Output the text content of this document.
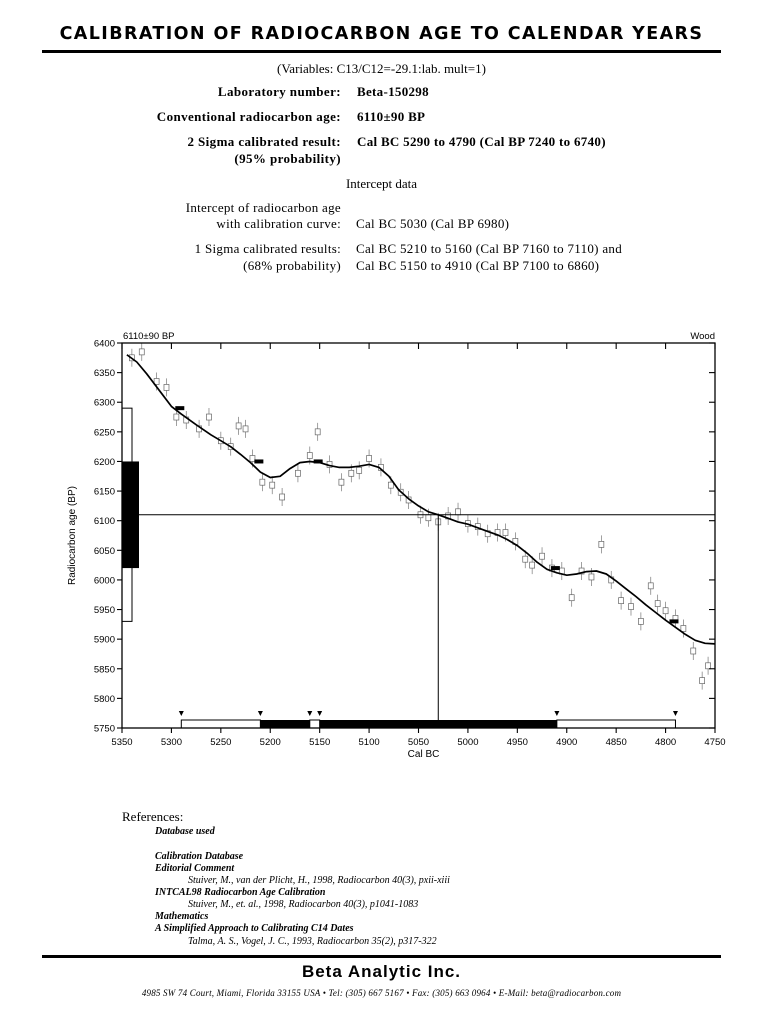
CALIBRATION OF RADIOCARBON AGE TO CALENDAR YEARS
(Variables: C13/C12=-29.1:lab. mult=1)
Laboratory number: Beta-150298
Conventional radiocarbon age: 6110±90 BP
2 Sigma calibrated result:
(95% probability)
Cal BC 5290 to 4790 (Cal BP 7240 to 6740)
Intercept data
Intercept of radiocarbon age
with calibration curve: Cal BC 5030 (Cal BP 6980)
1 Sigma calibrated results:
(68% probability)
Cal BC 5210 to 5160 (Cal BP 7160 to 7110) and
Cal BC 5150 to 4910 (Cal BP 7100 to 6860)
5350	5300	5250	5200	5150	5100	5050	5000	4950	4900	4850	4800	4750
5750
5800
5850
5900
5950
6000
6050
6100
6150
6200
6250
6300
6350
6400
6110±90 BP	Wood
Cal BC
Radiocarbon age (BP)
References:
Database used
Calibration Database
Editorial Comment
Stuiver, M., van der Plicht, H., 1998, Radiocarbon 40(3), pxii-xiii
INTCAL98 Radiocarbon Age Calibration
Stuiver, M., et. al., 1998, Radiocarbon 40(3), p1041-1083
Mathematics
A Simplified Approach to Calibrating C14 Dates
Talma, A. S., Vogel, J. C., 1993, Radiocarbon 35(2), p317-322
Beta Analytic Inc.
4985 SW 74 Court, Miami, Florida 33155 USA • Tel: (305) 667 5167 • Fax: (305) 663 0964 • E-Mail: beta@radiocarbon.com
